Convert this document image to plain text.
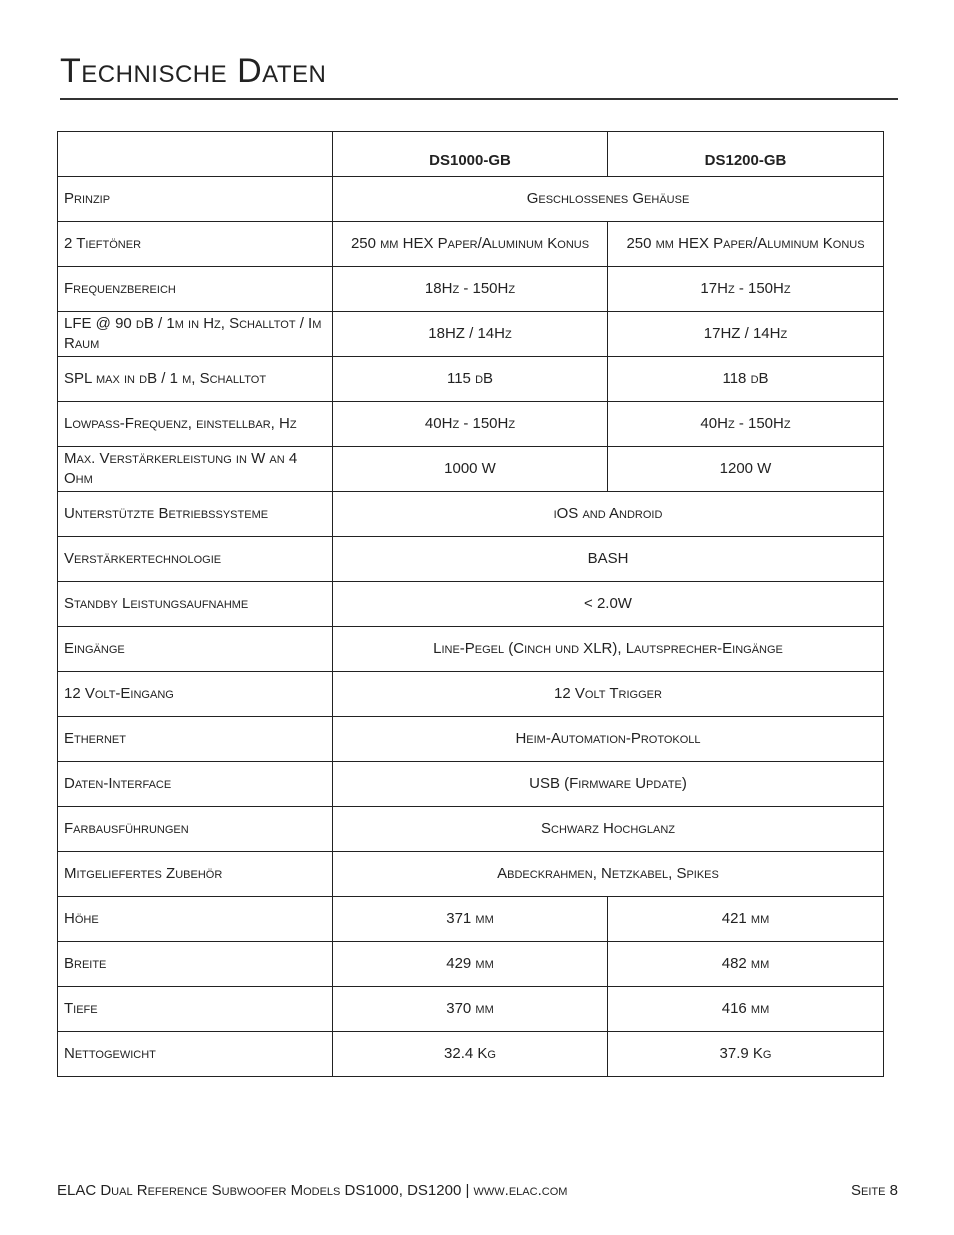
Technische Daten
	DS1000-GB	DS1200-GB
Prinzip	Geschlossenes Gehäuse	
2 Tieftöner	250 mm HEX Paper/Aluminum Konus	250 mm HEX Paper/Aluminum Konus
Frequenzbereich	18Hz - 150Hz	17Hz - 150Hz
LFE @ 90 dB / 1m in Hz, Schalltot / Im Raum	18HZ / 14Hz	17HZ / 14Hz
SPL max in dB / 1 m, Schalltot	115 dB	118 dB
Lowpass-Frequenz, einstellbar, Hz	40Hz - 150Hz	40Hz - 150Hz
Max. Verstärkerleistung in W an 4 Ohm	1000 W	1200 W
Unterstützte Betriebssysteme	iOS and Android	
Verstärkertechnologie	BASH	
Standby Leistungsaufnahme	< 2.0W	
Eingänge	Line-Pegel (Cinch und XLR), Lautsprecher-Eingänge	
12 Volt-Eingang	12 Volt Trigger	
Ethernet	Heim-Automation-Protokoll	
Daten-Interface	USB (Firmware Update)	
Farbausführungen	Schwarz Hochglanz	
Mitgeliefertes Zubehör	Abdeckrahmen, Netzkabel, Spikes	
Höhe	371 mm	421 mm
Breite	429 mm	482 mm
Tiefe	370 mm	416 mm
Nettogewicht	32.4 Kg	37.9 Kg
ELAC Dual Reference Subwoofer Models DS1000, DS1200 | www.elac.com	Seite 8
